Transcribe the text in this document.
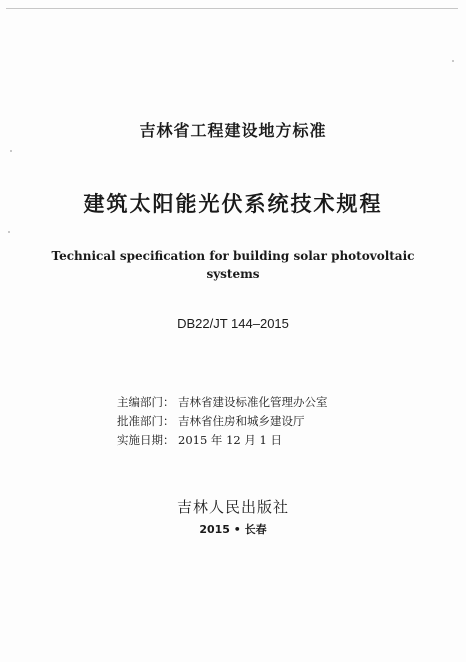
吉林省工程建设地方标准
建筑太阳能光伏系统技术规程
Technical specification for building solar photovoltaic
systems
DB22/JT 144–2015
主编部门： 吉林省建设标准化管理办公室
批准部门： 吉林省住房和城乡建设厅
实施日期： 2015 年 12 月 1 日
吉林人民出版社
2015 • 长春
